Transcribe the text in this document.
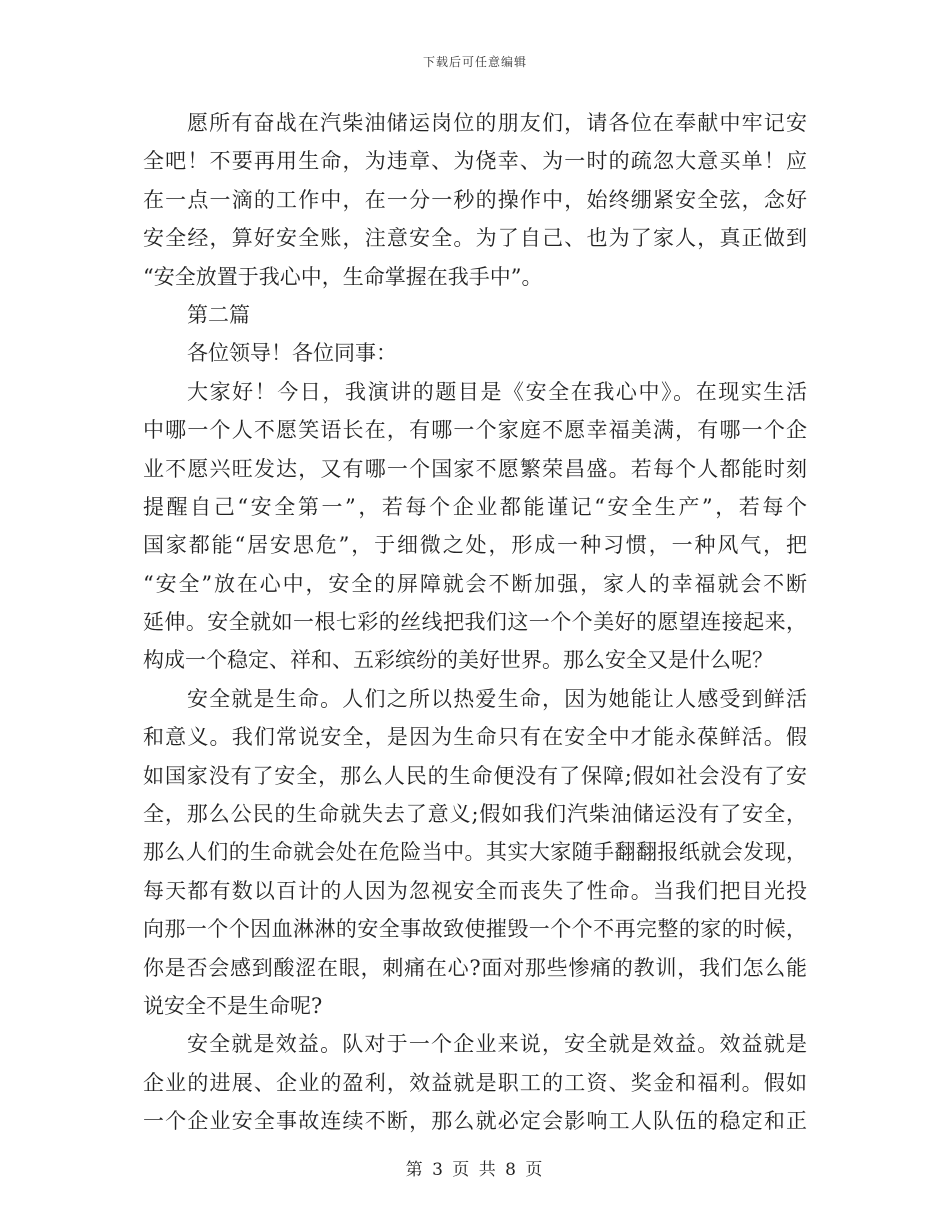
下载后可任意编辑
愿所有奋战在汽柴油储运岗位的朋友们，请各位在奉献中牢记安
全吧！不要再用生命，为违章、为侥幸、为一时的疏忽大意买单！应
在一点一滴的工作中，在一分一秒的操作中，始终绷紧安全弦，念好
安全经，算好安全账，注意安全。为了自己、也为了家人，真正做到
“安全放置于我心中，生命掌握在我手中”。
第二篇
各位领导！各位同事：
大家好！今日，我演讲的题目是《安全在我心中》。在现实生活
中哪一个人不愿笑语长在，有哪一个家庭不愿幸福美满，有哪一个企
业不愿兴旺发达，又有哪一个国家不愿繁荣昌盛。若每个人都能时刻
提醒自己“安全第一”，若每个企业都能谨记“安全生产”，若每个
国家都能“居安思危”，于细微之处，形成一种习惯，一种风气，把
“安全”放在心中，安全的屏障就会不断加强，家人的幸福就会不断
延伸。安全就如一根七彩的丝线把我们这一个个美好的愿望连接起来，
构成一个稳定、祥和、五彩缤纷的美好世界。那么安全又是什么呢？
安全就是生命。人们之所以热爱生命，因为她能让人感受到鲜活
和意义。我们常说安全，是因为生命只有在安全中才能永葆鲜活。假
如国家没有了安全，那么人民的生命便没有了保障;假如社会没有了安
全，那么公民的生命就失去了意义;假如我们汽柴油储运没有了安全，
那么人们的生命就会处在危险当中。其实大家随手翻翻报纸就会发现，
每天都有数以百计的人因为忽视安全而丧失了性命。当我们把目光投
向那一个个因血淋淋的安全事故致使摧毁一个个不再完整的家的时候，
你是否会感到酸涩在眼，刺痛在心?面对那些惨痛的教训，我们怎么能
说安全不是生命呢?
安全就是效益。队对于一个企业来说，安全就是效益。效益就是
企业的进展、企业的盈利，效益就是职工的工资、奖金和福利。假如
一个企业安全事故连续不断，那么就必定会影响工人队伍的稳定和正
第 3 页 共 8 页
